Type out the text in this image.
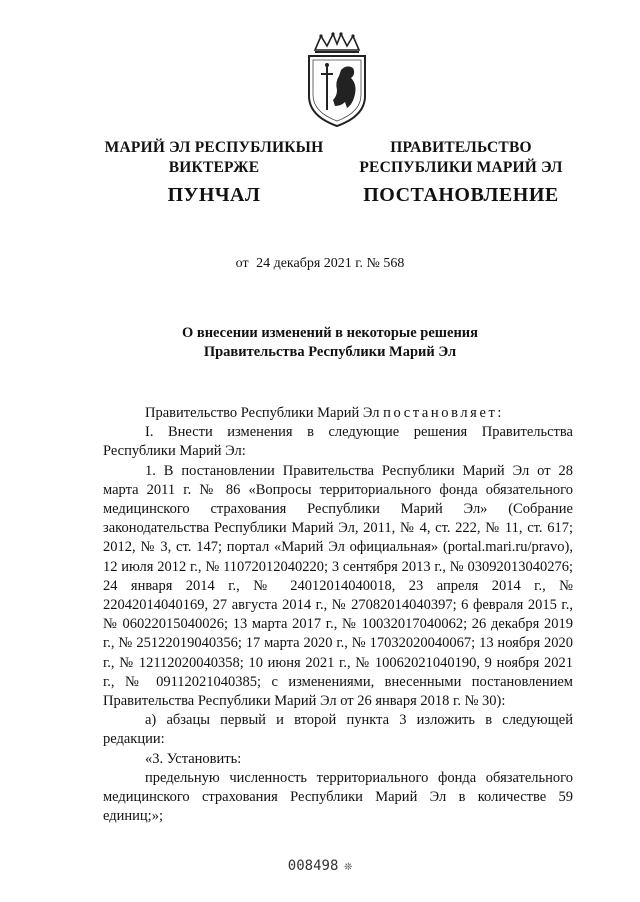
МАРИЙ ЭЛ РЕСПУБЛИКЫН
ВИКТЕРЖЕ
ПУНЧАЛ
ПРАВИТЕЛЬСТВО
РЕСПУБЛИКИ МАРИЙ ЭЛ
ПОСТАНОВЛЕНИЕ
от 24 декабря 2021 г. № 568
О внесении изменений в некоторые решения
Правительства Республики Марий Эл

Правительство Республики Марий Эл постановляет:

I. Внести изменения в следующие решения Правительства Республики Марий Эл:

1. В постановлении Правительства Республики Марий Эл от 28 марта 2011 г. № 86 «Вопросы территориального фонда обязательного медицинского страхования Республики Марий Эл» (Собрание законодательства Республики Марий Эл, 2011, № 4, ст. 222, № 11, ст. 617; 2012, № 3, ст. 147; портал «Марий Эл официальная» (portal.mari.ru/pravo), 12 июля 2012 г., № 11072012040220; 3 сентября 2013 г., № 03092013040276; 24 января 2014 г., № 24012014040018, 23 апреля 2014 г., № 22042014040169, 27 августа 2014 г., № 27082014040397; 6 февраля 2015 г., № 06022015040026; 13 марта 2017 г., № 10032017040062; 26 декабря 2019 г., № 25122019040356; 17 марта 2020 г., № 17032020040067; 13 ноября 2020 г., № 12112020040358; 10 июня 2021 г., № 10062021040190, 9 ноября 2021 г., № 09112021040385; с изменениями, внесенными постановлением Правительства Республики Марий Эл от 26 января 2018 г. № 30):

а) абзацы первый и второй пункта 3 изложить в следующей редакции:

«3. Установить:

предельную численность территориального фонда обязательного медицинского страхования Республики Марий Эл в количестве 59 единиц;»;

008498 ❊
